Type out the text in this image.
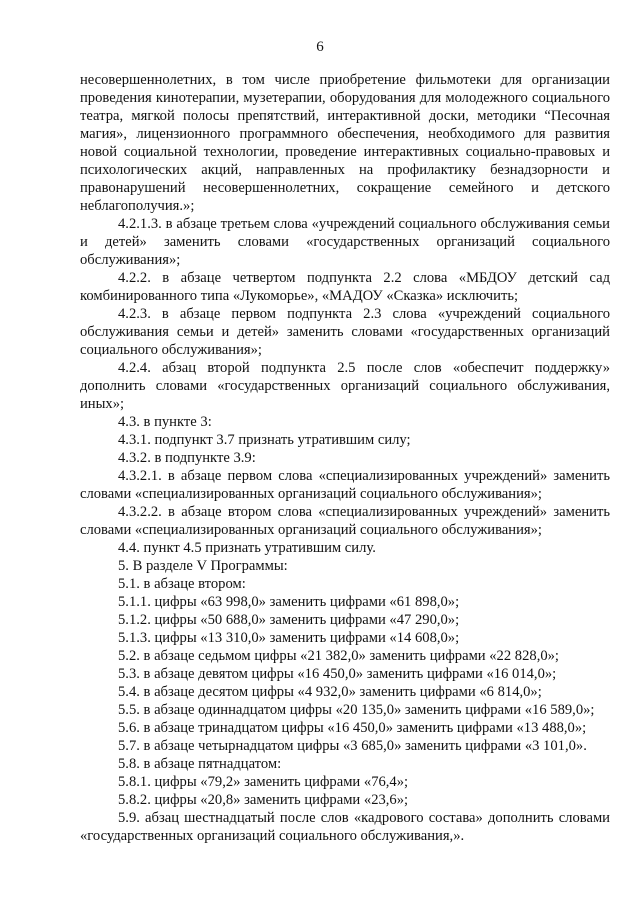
6

несовершеннолетних, в том числе приобретение фильмотеки для организации проведения кинотерапии, музетерапии, оборудования для молодежного социального театра, мягкой полосы препятствий, интерактивной доски, методики “Песочная магия», лицензионного программного обеспечения, необходимого для развития новой социальной технологии, проведение интерактивных социально-правовых и психологических акций, направленных на профилактику безнадзорности и правонарушений несовершеннолетних, сокращение семейного и детского неблагополучия.»;

4.2.1.3. в абзаце третьем слова «учреждений социального обслуживания семьи и детей» заменить словами «государственных организаций социального обслуживания»;

4.2.2. в абзаце четвертом подпункта 2.2 слова «МБДОУ детский сад комбинированного типа «Лукоморье», «МАДОУ «Сказка» исключить;

4.2.3. в абзаце первом подпункта 2.3 слова «учреждений социального обслуживания семьи и детей» заменить словами «государственных организаций социального обслуживания»;

4.2.4. абзац второй подпункта 2.5 после слов «обеспечит поддержку» дополнить словами «государственных организаций социального обслуживания, иных»;

4.3. в пункте 3:

4.3.1. подпункт 3.7 признать утратившим силу;

4.3.2. в подпункте 3.9:

4.3.2.1. в абзаце первом слова «специализированных учреждений» заменить словами «специализированных организаций социального обслуживания»;

4.3.2.2. в абзаце втором слова «специализированных учреждений» заменить словами «специализированных организаций социального обслуживания»;

4.4. пункт 4.5 признать утратившим силу.

5. В разделе V Программы:

5.1. в абзаце втором:

5.1.1. цифры «63 998,0» заменить цифрами «61 898,0»;

5.1.2. цифры «50 688,0» заменить цифрами «47 290,0»;

5.1.3. цифры «13 310,0» заменить цифрами «14 608,0»;

5.2. в абзаце седьмом цифры «21 382,0» заменить цифрами «22 828,0»;

5.3. в абзаце девятом цифры «16 450,0» заменить цифрами «16 014,0»;

5.4. в абзаце десятом цифры «4 932,0» заменить цифрами «6 814,0»;

5.5. в абзаце одиннадцатом цифры «20 135,0» заменить цифрами «16 589,0»;

5.6. в абзаце тринадцатом цифры «16 450,0» заменить цифрами «13 488,0»;

5.7. в абзаце четырнадцатом цифры «3 685,0» заменить цифрами «3 101,0».

5.8. в абзаце пятнадцатом:

5.8.1. цифры «79,2» заменить цифрами «76,4»;

5.8.2. цифры «20,8» заменить цифрами «23,6»;

5.9. абзац шестнадцатый после слов «кадрового состава» дополнить словами «государственных организаций социального обслуживания,».
